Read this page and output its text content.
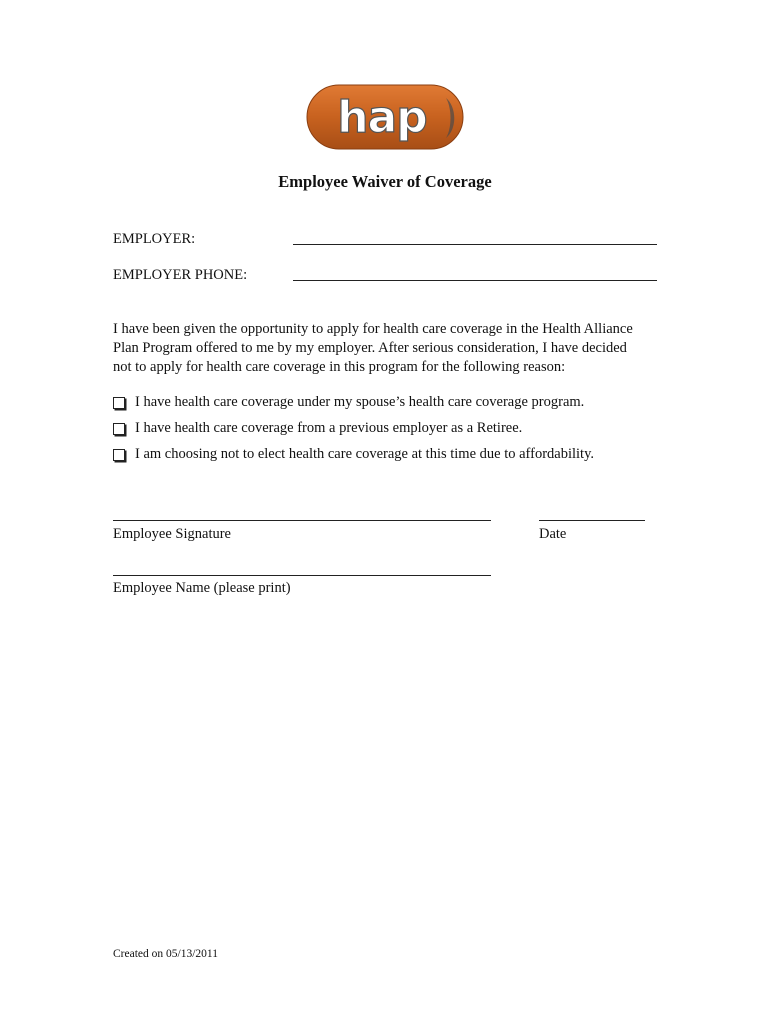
hap
Employee Waiver of Coverage
EMPLOYER:
EMPLOYER PHONE:
I have been given the opportunity to apply for health care coverage in the Health Alliance
Plan Program offered to me by my employer. After serious consideration, I have decided
not to apply for health care coverage in this program for the following reason:
I have health care coverage under my spouse’s health care coverage program.
I have health care coverage from a previous employer as a Retiree.
I am choosing not to elect health care coverage at this time due to affordability.
Employee Signature	Date
Employee Name (please print)
Created on 05/13/2011
